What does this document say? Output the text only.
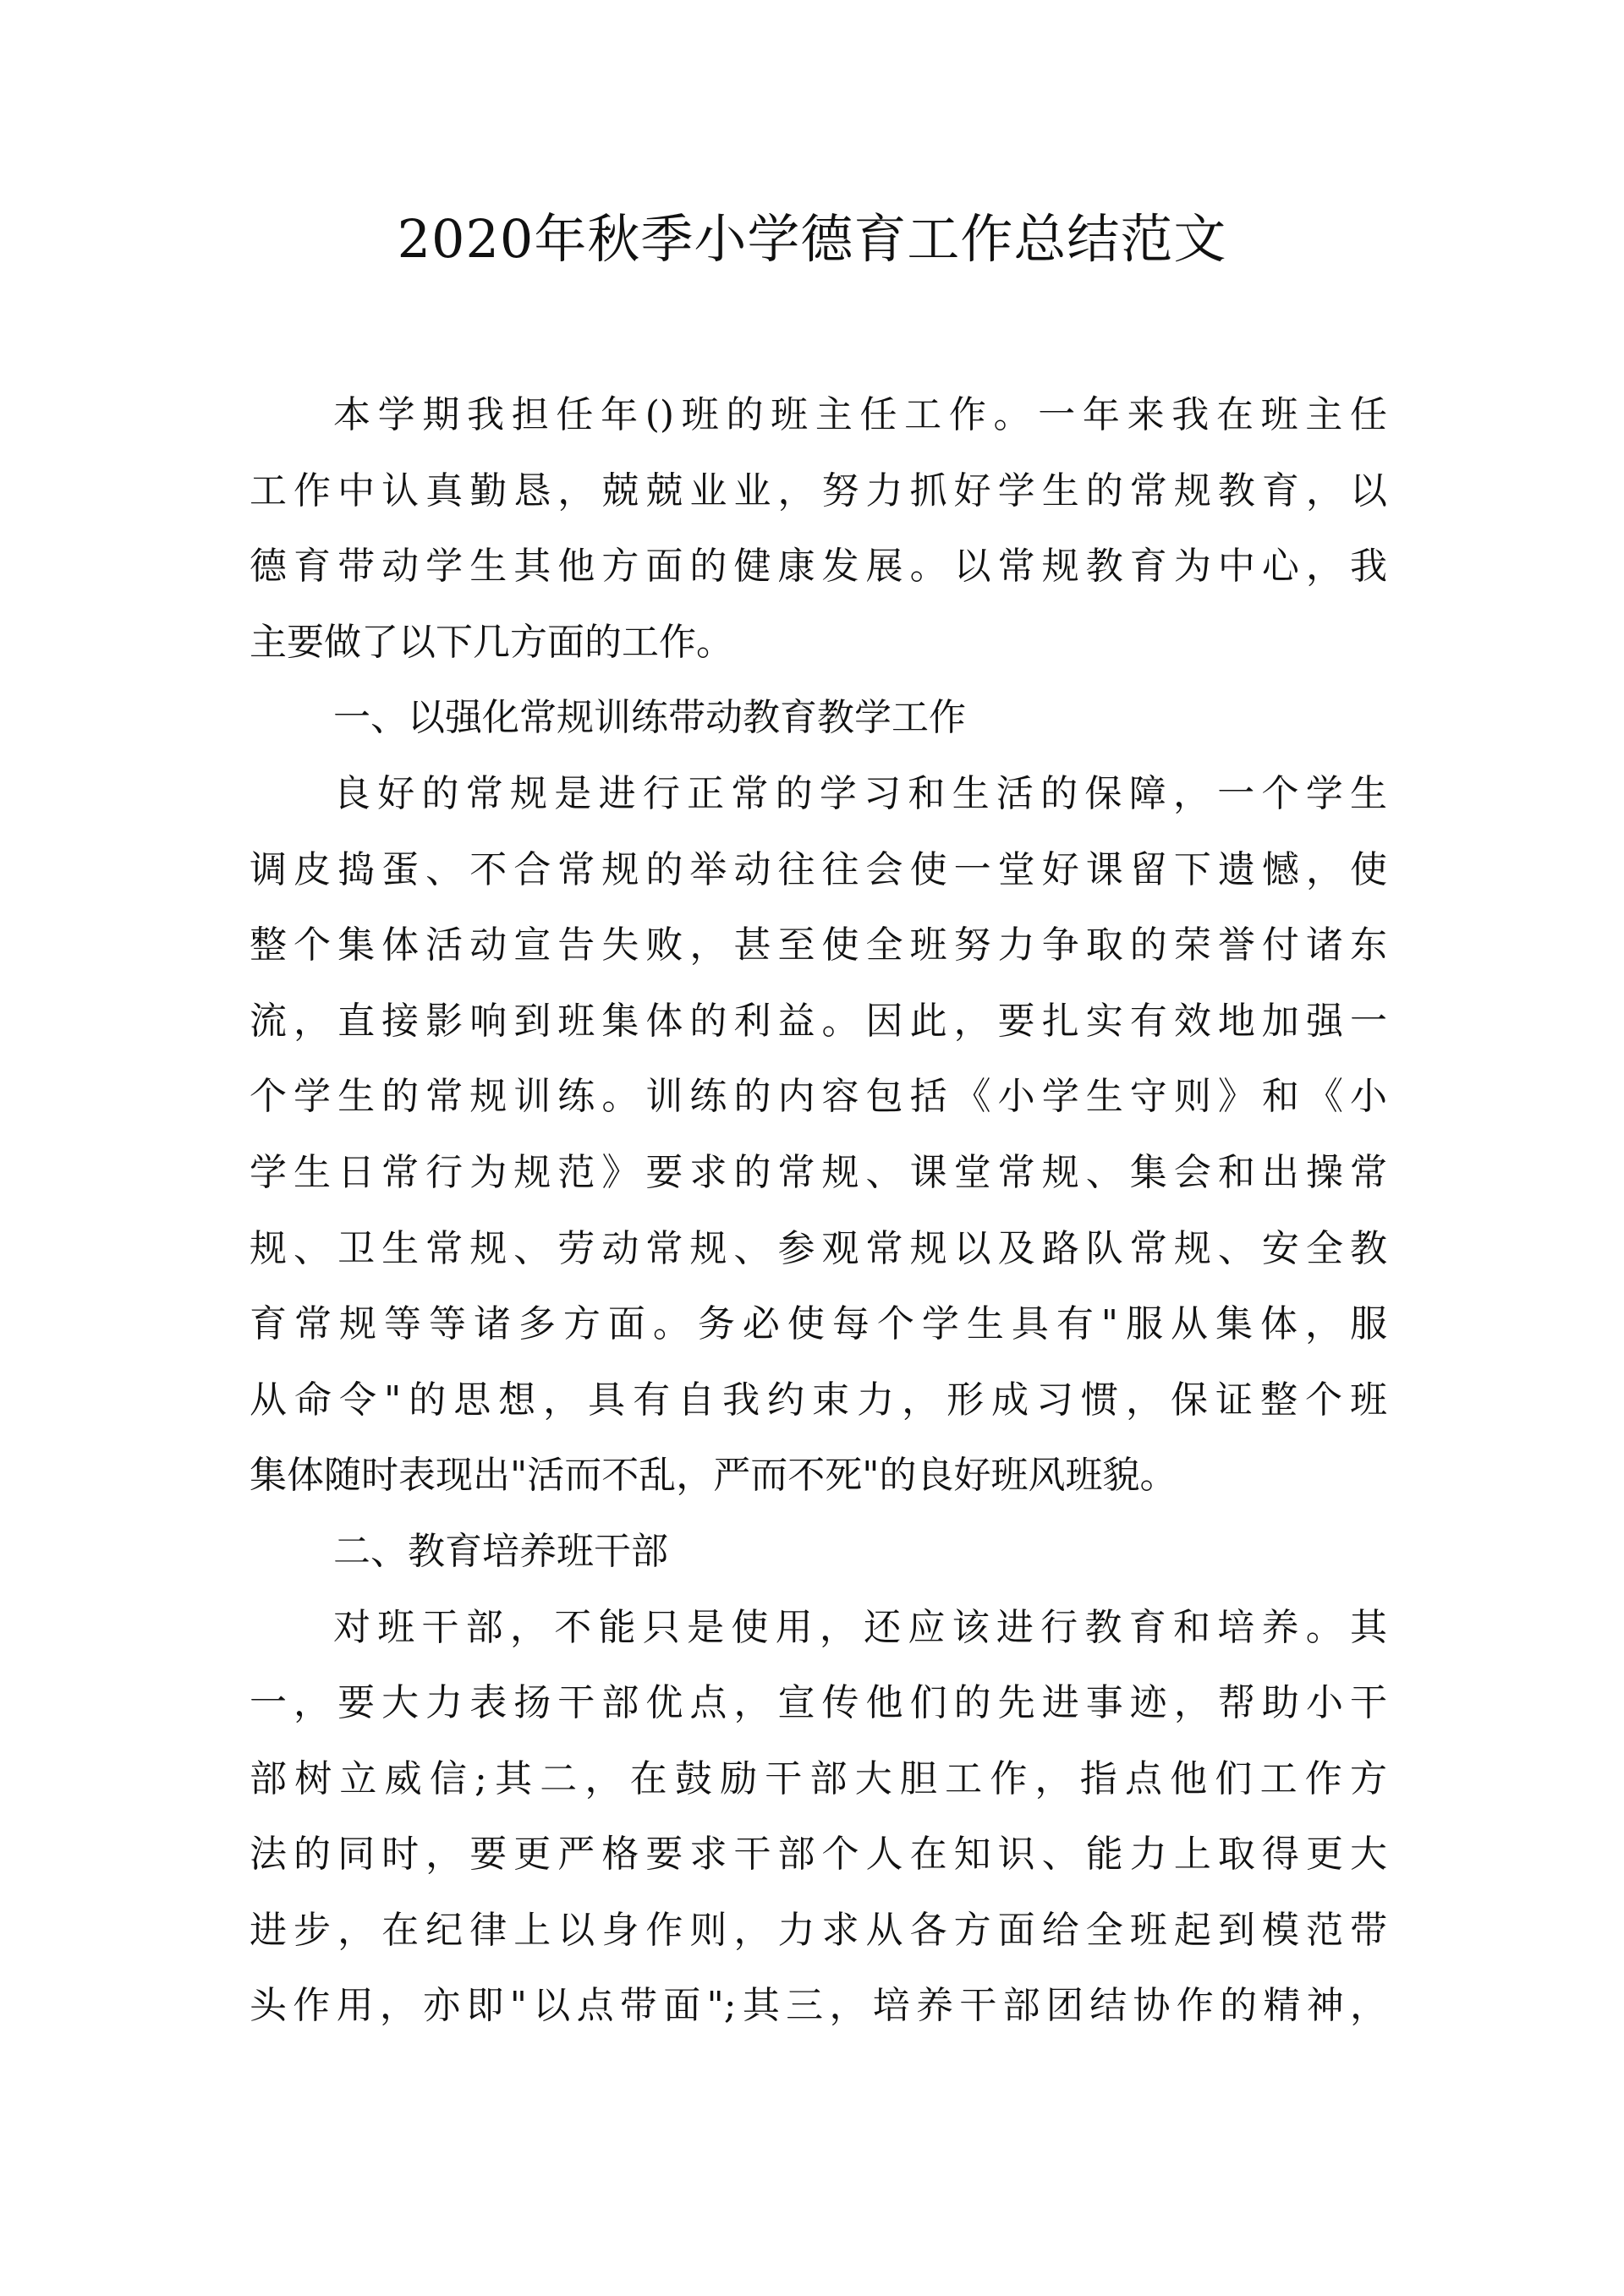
2020年秋季小学德育工作总结范文
本学期我担任年()班的班主任工作。一年来我在班主任
工作中认真勤恳，兢兢业业，努力抓好学生的常规教育，以
德育带动学生其他方面的健康发展。以常规教育为中心，我
主要做了以下几方面的工作。
一、以强化常规训练带动教育教学工作
良好的常规是进行正常的学习和生活的保障，一个学生
调皮捣蛋、不合常规的举动往往会使一堂好课留下遗憾，使
整个集体活动宣告失败，甚至使全班努力争取的荣誉付诸东
流，直接影响到班集体的利益。因此，要扎实有效地加强一
个学生的常规训练。训练的内容包括《小学生守则》和《小
学生日常行为规范》要求的常规、课堂常规、集会和出操常
规、卫生常规、劳动常规、参观常规以及路队常规、安全教
育常规等等诸多方面。务必使每个学生具有"服从集体，服
从命令"的思想，具有自我约束力，形成习惯，保证整个班
集体随时表现出"活而不乱，严而不死"的良好班风班貌。
二、教育培养班干部
对班干部，不能只是使用，还应该进行教育和培养。其
一，要大力表扬干部优点，宣传他们的先进事迹，帮助小干
部树立威信;其二，在鼓励干部大胆工作，指点他们工作方
法的同时，要更严格要求干部个人在知识、能力上取得更大
进步，在纪律上以身作则，力求从各方面给全班起到模范带
头作用，亦即"以点带面";其三，培养干部团结协作的精神，
